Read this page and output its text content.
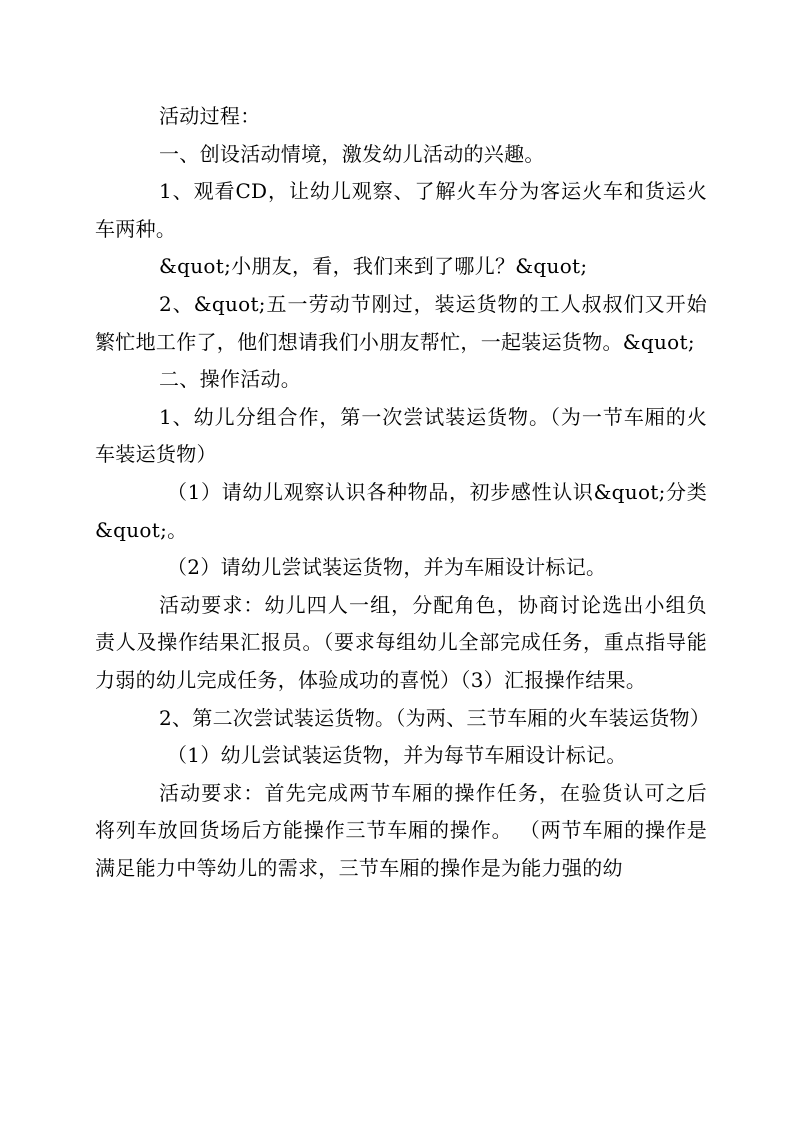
活动过程：

一、创设活动情境，激发幼儿活动的兴趣。

1、观看CD，让幼儿观察、了解火车分为客运火车和货运火车两种。

&quot;小朋友，看，我们来到了哪儿？&quot;

2、&quot;五一劳动节刚过，装运货物的工人叔叔们又开始繁忙地工作了，他们想请我们小朋友帮忙，一起装运货物。&quot;

二、操作活动。

1、幼儿分组合作，第一次尝试装运货物。（为一节车厢的火车装运货物）

（1）请幼儿观察认识各种物品，初步感性认识&quot;分类&quot;。

（2）请幼儿尝试装运货物，并为车厢设计标记。

活动要求：幼儿四人一组，分配角色，协商讨论选出小组负责人及操作结果汇报员。（要求每组幼儿全部完成任务，重点指导能力弱的幼儿完成任务，体验成功的喜悦）（3）汇报操作结果。

2、第二次尝试装运货物。（为两、三节车厢的火车装运货物）

（1）幼儿尝试装运货物，并为每节车厢设计标记。

活动要求：首先完成两节车厢的操作任务，在验货认可之后将列车放回货场后方能操作三节车厢的操作。 （两节车厢的操作是满足能力中等幼儿的需求，三节车厢的操作是为能力强的幼
